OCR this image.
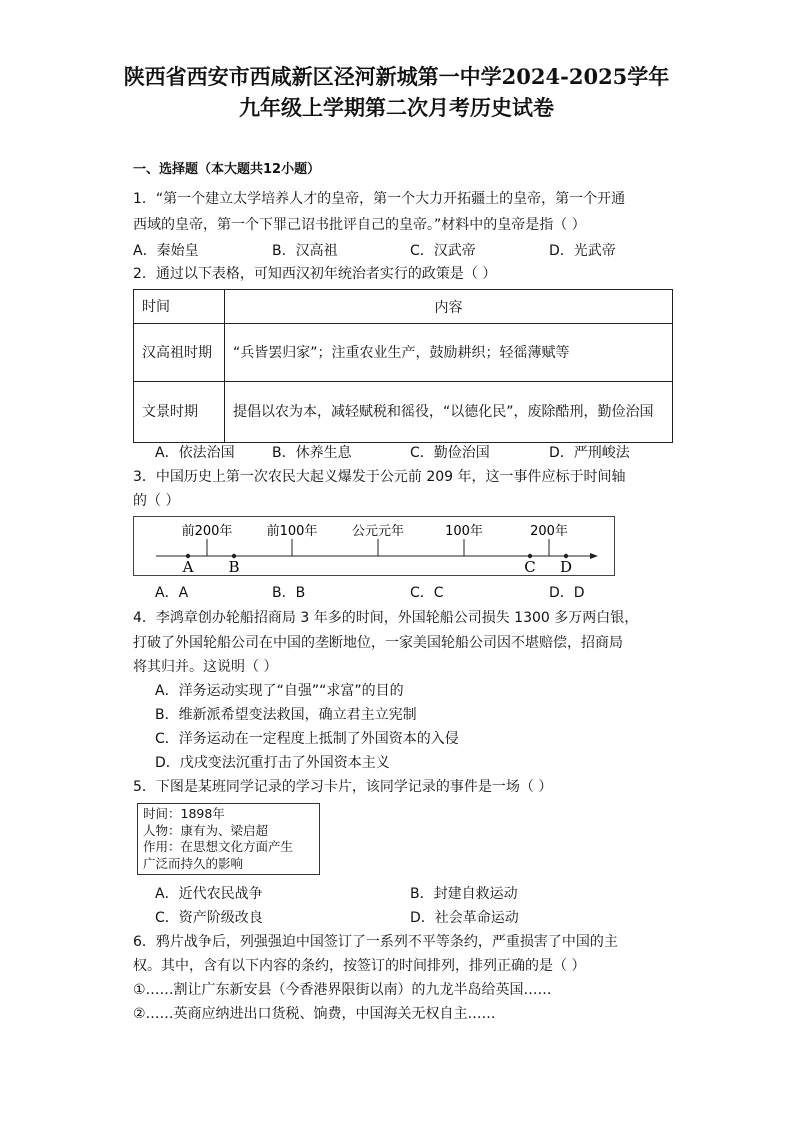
陕西省西安市西咸新区泾河新城第一中学2024-2025学年
九年级上学期第二次月考历史试卷
一、选择题（本大题共12小题）
1．“第一个建立太学培养人才的皇帝，第一个大力开拓疆土的皇帝，第一个开通
西域的皇帝，第一个下罪己诏书批评自己的皇帝。”材料中的皇帝是指（ ）
A．秦始皇	B．汉高祖	C．汉武帝	D．光武帝
2．通过以下表格，可知西汉初年统治者实行的政策是（ ）
时间	内容
汉高祖时期	“兵皆罢归家”；注重农业生产，鼓励耕织；轻徭薄赋等
文景时期	提倡以农为本，减轻赋税和徭役，“以德化民”，废除酷刑，勤俭治国
A．依法治国	B．休养生息	C．勤俭治国	D．严刑峻法
3．中国历史上第一次农民大起义爆发于公元前 209 年，这一事件应标于时间轴
的（ ）
前200年	前100年	公元元年	100年	200年
A B	C D
A．A	B．B	C．C	D．D
4．李鸿章创办轮船招商局 3 年多的时间，外国轮船公司损失 1300 多万两白银，
打破了外国轮船公司在中国的垄断地位，一家美国轮船公司因不堪赔偿，招商局
将其归并。这说明（ ）
A．洋务运动实现了“自强”“求富”的目的
B．维新派希望变法救国，确立君主立宪制
C．洋务运动在一定程度上抵制了外国资本的入侵
D．戊戌变法沉重打击了外国资本主义
5．下图是某班同学记录的学习卡片，该同学记录的事件是一场（ ）
时间：1898年
人物：康有为、梁启超
作用：在思想文化方面产生
广泛而持久的影响
A．近代农民战争	B．封建自救运动
C．资产阶级改良	D．社会革命运动
6．鸦片战争后，列强强迫中国签订了一系列不平等条约，严重损害了中国的主
权。其中，含有以下内容的条约，按签订的时间排列，排列正确的是（ ）
①……割让广东新安县（今香港界限街以南）的九龙半岛给英国……
②……英商应纳进出口货税、饷费，中国海关无权自主……
